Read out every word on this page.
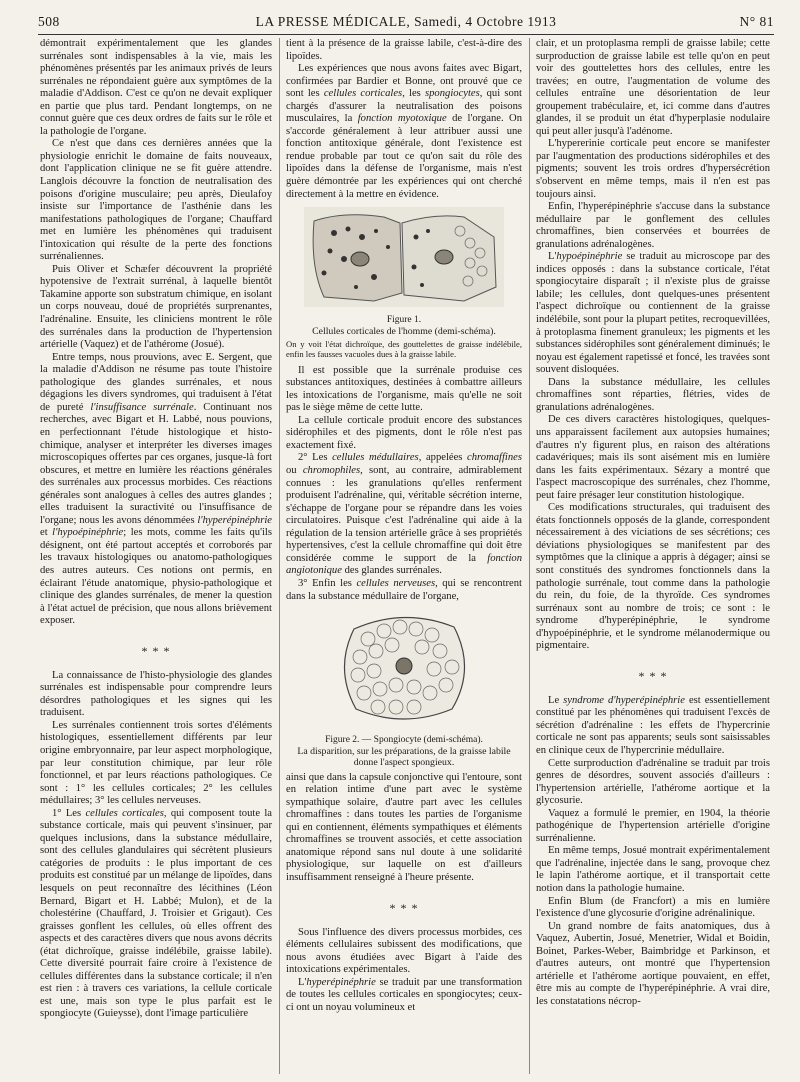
508	LA PRESSE MÉDICALE, Samedi, 4 Octobre 1913	N° 81

démontrait expérimentalement que les glandes surrénales sont indispensables à la vie, mais les phénomènes présentés par les animaux privés de leurs surrénales ne répondaient guère aux symptômes de la maladie d'Addison. C'est ce qu'on ne devait expliquer en partie que plus tard. Pendant longtemps, on ne connut guère que ces deux ordres de faits sur le rôle et la pathologie de l'organe.

Ce n'est que dans ces dernières années que la physiologie enrichit le domaine de faits nouveaux, dont l'application clinique ne se fit guère attendre. Langlois découvre la fonction de neutralisation des poisons d'origine musculaire; peu après, Dieulafoy insiste sur l'importance de l'asthénie dans les manifestations pathologiques de l'organe; Chauffard met en lumière les phénomènes qui traduisent l'intoxication qui résulte de la perte des fonctions surrénaliennes.

Puis Oliver et Schæfer découvrent la propriété hypotensive de l'extrait surrénal, à laquelle bientôt Takamine apporte son substratum chimique, en isolant un corps nouveau, doué de propriétés surprenantes, l'adrénaline. Ensuite, les cliniciens montrent le rôle des surrénales dans la production de l'hypertension artérielle (Vaquez) et de l'athérome (Josué).

Entre temps, nous prouvions, avec E. Sergent, que la maladie d'Addison ne résume pas toute l'histoire pathologique des glandes surrénales, et nous dégagions les divers syndromes, qui traduisent à l'état de pureté l'insuffisance surrénale. Continuant nos recherches, avec Bigart et H. Labbé, nous pouvions, en perfectionnant l'étude histologique et histo-chimique, analyser et interpréter les diverses images microscopiques offertes par ces organes, jusque-là fort obscures, et mettre en lumière les réactions générales des surrénales aux processus morbides. Ces réactions générales sont analogues à celles des autres glandes ; elles traduisent la suractivité ou l'insuffisance de l'organe; nous les avons dénommées l'hyperépinéphrie et l'hypoépinéphrie; les mots, comme les faits qu'ils désignent, ont été partout acceptés et corroborés par les travaux histologiques ou anatomo-pathologiques des autres auteurs. Ces notions ont permis, en éclairant l'étude anatomique, physio-pathologique et clinique des glandes surrénales, de mener la question à l'état actuel de précision, que nous allons brièvement exposer.

* * *

La connaissance de l'histo-physiologie des glandes surrénales est indispensable pour comprendre leurs désordres pathologiques et les signes qui les traduisent.

Les surrénales contiennent trois sortes d'éléments histologiques, essentiellement différents par leur origine embryonnaire, par leur aspect morphologique, par leur constitution chimique, par leur rôle fonctionnel, et par leurs réactions pathologiques. Ce sont : 1° les cellules corticales; 2° les cellules médullaires; 3° les cellules nerveuses.

1° Les cellules corticales, qui composent toute la substance corticale, mais qui peuvent s'insinuer, par quelques inclusions, dans la substance médullaire, sont des cellules glandulaires qui sécrètent plusieurs catégories de produits : le plus important de ces produits est constitué par un mélange de lipoïdes, dans lesquels on peut reconnaître des lécithines (Léon Bernard, Bigart et H. Labbé; Mulon), et de la cholestérine (Chauffard, J. Troisier et Grigaut). Ces graisses gonflent les cellules, où elles offrent des aspects et des caractères divers que nous avons décrits (état dichroïque, graisse indélébile, graisse labile). Cette diversité pourrait faire croire à l'existence de cellules différentes dans la substance corticale; il n'en est rien : à travers ces variations, la cellule corticale est une, mais son type le plus parfait est le spongiocyte (Guieysse), dont l'image particulière

tient à la présence de la graisse labile, c'est-à-dire des lipoïdes.

Les expériences que nous avons faites avec Bigart, confirmées par Bardier et Bonne, ont prouvé que ce sont les cellules corticales, les spongiocytes, qui sont chargés d'assurer la neutralisation des poisons musculaires, la fonction myotoxique de l'organe. On s'accorde généralement à leur attribuer aussi une fonction antitoxique générale, dont l'existence est rendue probable par tout ce qu'on sait du rôle des lipoïdes dans la défense de l'organisme, mais n'est guère démontrée par les expériences qui ont cherché directement à la mettre en évidence.

Figure 1.
Cellules corticales de l'homme (demi-schéma).
On y voit l'état dichroïque, des gouttelettes de graisse indélébile, enfin les fausses vacuoles dues à la graisse labile.

Il est possible que la surrénale produise ces substances antitoxiques, destinées à combattre ailleurs les intoxications de l'organisme, mais qu'elle ne soit pas le siège même de cette lutte.

La cellule corticale produit encore des substances sidérophiles et des pigments, dont le rôle n'est pas exactement fixé.

2° Les cellules médullaires, appelées chromaffines ou chromophiles, sont, au contraire, admirablement connues : les granulations qu'elles renferment produisent l'adrénaline, qui, véritable sécrétion interne, s'échappe de l'organe pour se répandre dans les voies circulatoires. Puisque c'est l'adrénaline qui aide à la régulation de la tension artérielle grâce à ses propriétés hypertensives, c'est la cellule chromaffine qui doit être considérée comme le support de la fonction angiotonique des glandes surrénales.

3° Enfin les cellules nerveuses, qui se rencontrent dans la substance médullaire de l'organe,

Figure 2. — Spongiocyte (demi-schéma).
La disparition, sur les préparations, de la graisse labile donne l'aspect spongieux.

ainsi que dans la capsule conjonctive qui l'entoure, sont en relation intime d'une part avec le système sympathique solaire, d'autre part avec les cellules chromaffines : dans toutes les parties de l'organisme qui en contiennent, éléments sympathiques et éléments chromaffines se trouvent associés, et cette association anatomique répond sans nul doute à une solidarité physiologique, sur laquelle on est d'ailleurs insuffisamment renseigné à l'heure présente.

* * *

Sous l'influence des divers processus morbides, ces éléments cellulaires subissent des modifications, que nous avons étudiées avec Bigart à l'aide des intoxications expérimentales.

L'hyperépinéphrie se traduit par une transformation de toutes les cellules corticales en spongiocytes; ceux-ci ont un noyau volumineux et

clair, et un protoplasma rempli de graisse labile; cette surproduction de graisse labile est telle qu'on en peut voir des gouttelettes hors des cellules, entre les travées; en outre, l'augmentation de volume des cellules entraîne une désorientation de leur groupement trabéculaire, et, ici comme dans d'autres glandes, il se produit un état d'hyperplasie nodulaire qui peut aller jusqu'à l'adénome.

L'hypererinie corticale peut encore se manifester par l'augmentation des productions sidérophiles et des pigments; souvent les trois ordres d'hypersécrétion s'observent en même temps, mais il n'en est pas toujours ainsi.

Enfin, l'hyperépinéphrie s'accuse dans la substance médullaire par le gonflement des cellules chromaffines, bien conservées et bourrées de granulations adrénalogènes.

L'hypoépinéphrie se traduit au microscope par des indices opposés : dans la substance corticale, l'état spongiocytaire disparaît ; il n'existe plus de graisse labile; les cellules, dont quelques-unes présentent l'aspect dichroïque ou contiennent de la graisse indélébile, sont pour la plupart petites, recroquevillées, à protoplasma finement granuleux; les pigments et les substances sidérophiles sont généralement diminués; le noyau est également rapetissé et foncé, les travées sont souvent disloquées.

Dans la substance médullaire, les cellules chromaffines sont réparties, flétries, vides de granulations adrénalogènes.

De ces divers caractères histologiques, quelques-uns apparaissent facilement aux autopsies humaines; d'autres n'y figurent plus, en raison des altérations cadavériques; mais ils sont aisément mis en lumière dans les faits expérimentaux. Sézary a montré que l'aspect macroscopique des surrénales, chez l'homme, peut faire présager leur constitution histologique.

Ces modifications structurales, qui traduisent des états fonctionnels opposés de la glande, correspondent nécessairement à des viciations de ses sécrétions; ces déviations physiologiques se manifestent par des symptômes que la clinique a appris à dégager; ainsi se sont constitués des syndromes fonctionnels dans la pathologie surrénale, tout comme dans la pathologie du rein, du foie, de la thyroïde. Ces syndromes surrénaux sont au nombre de trois; ce sont : le syndrome d'hyperépinéphrie, le syndrome d'hypoépinéphrie, et le syndrome mélanodermique ou pigmentaire.

* * *

Le syndrome d'hyperépinéphrie est essentiellement constitué par les phénomènes qui traduisent l'excès de sécrétion d'adrénaline : les effets de l'hypercrinie corticale ne sont pas apparents; seuls sont saisissables en clinique ceux de l'hypercrinie médullaire.

Cette surproduction d'adrénaline se traduit par trois genres de désordres, souvent associés d'ailleurs : l'hypertension artérielle, l'athérome aortique et la glycosurie.

Vaquez a formulé le premier, en 1904, la théorie pathogénique de l'hypertension artérielle d'origine surrénalienne.

En même temps, Josué montrait expérimentalement que l'adrénaline, injectée dans le sang, provoque chez le lapin l'athérome aortique, et il transportait cette notion dans la pathologie humaine.

Enfin Blum (de Francfort) a mis en lumière l'existence d'une glycosurie d'origine adrénalinique.

Un grand nombre de faits anatomiques, dus à Vaquez, Aubertin, Josué, Menetrier, Widal et Boidin, Boinet, Parkes-Weber, Baimbridge et Parkinson, et d'autres auteurs, ont montré que l'hypertension artérielle et l'athérome aortique pouvaient, en effet, être mis au compte de l'hyperépinéphrie. A vrai dire, les constatations nécrop-
